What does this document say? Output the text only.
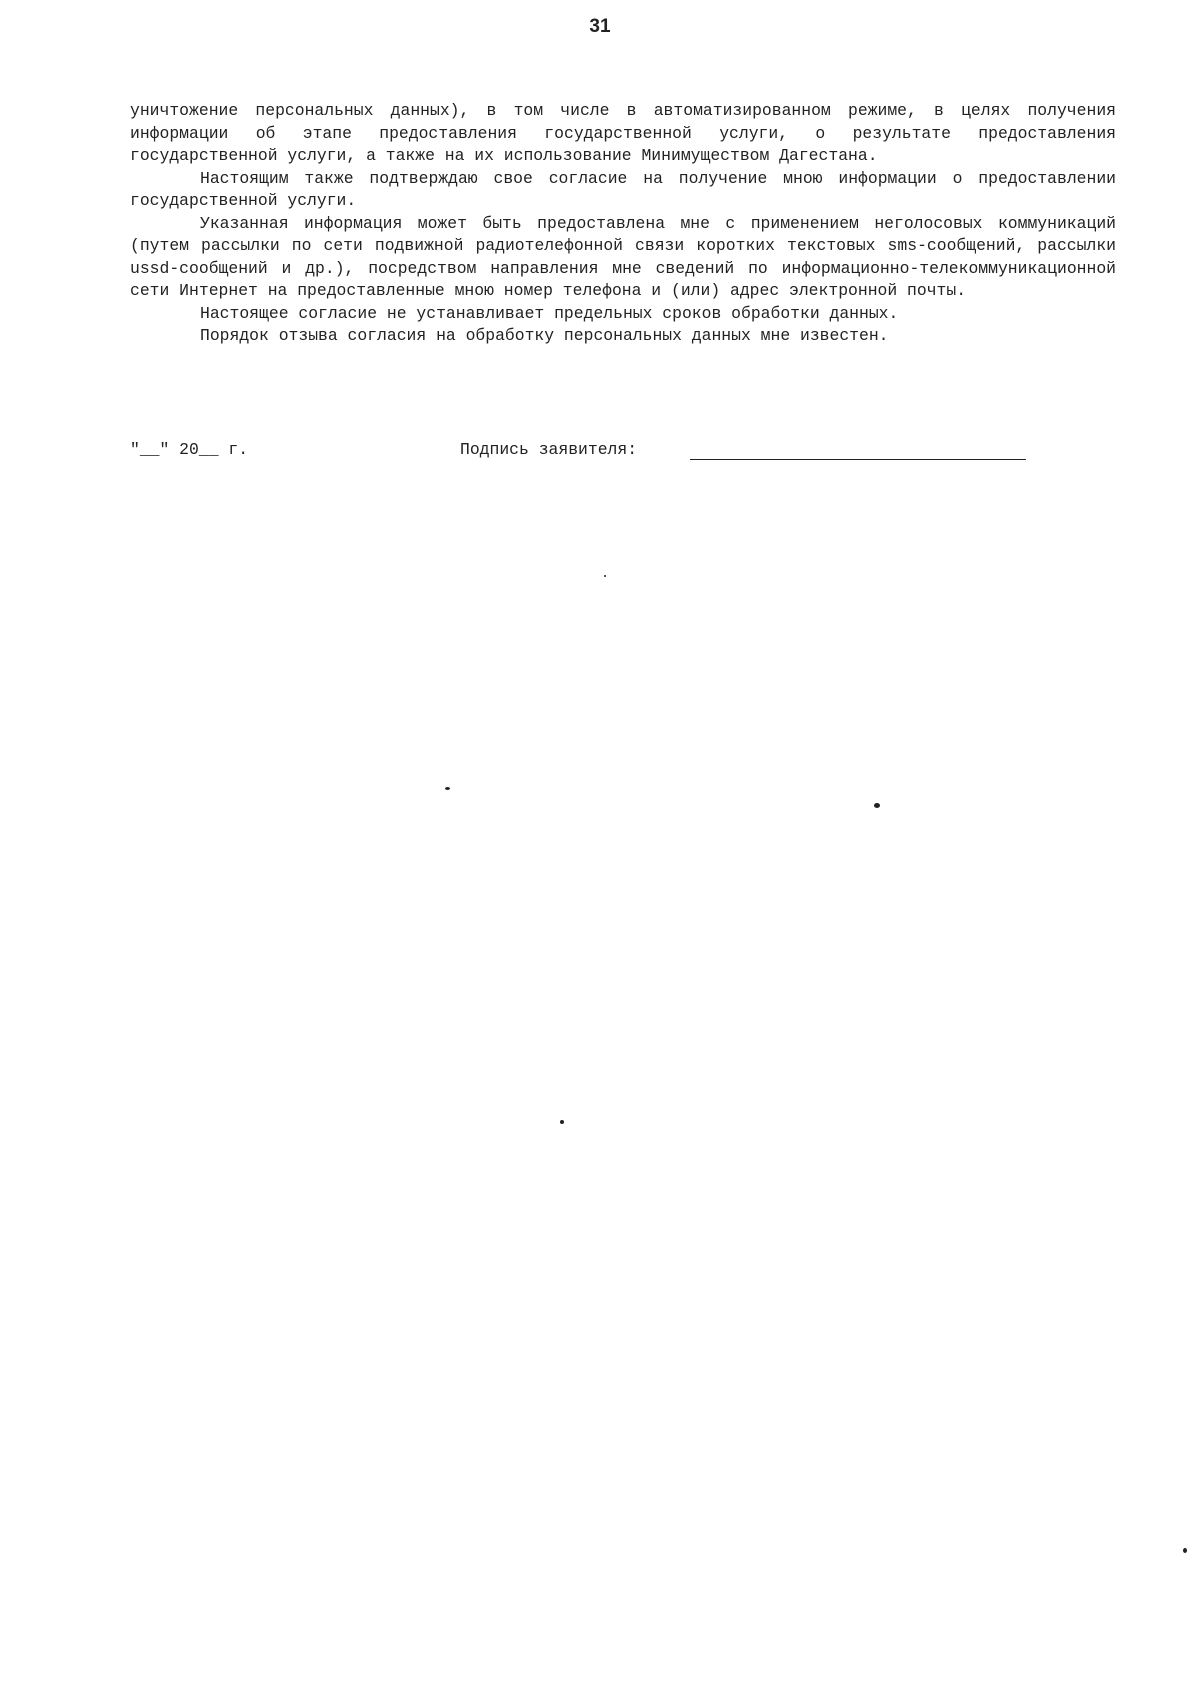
31

уничтожение персональных данных), в том числе в автоматизированном режиме, в целях получения информации об этапе предоставления государственной услуги, о результате предоставления государственной услуги, а также на их использование Минимуществом Дагестана.

Настоящим также подтверждаю свое согласие на получение мною информации о предоставлении государственной услуги.

Указанная информация может быть предоставлена мне с применением неголосовых коммуникаций (путем рассылки по сети подвижной радиотелефонной связи коротких текстовых sms-сообщений, рассылки ussd-сообщений и др.), посредством направления мне сведений по информационно-телекоммуникационной сети Интернет на предоставленные мною номер телефона и (или) адрес электронной почты.

Настоящее согласие не устанавливает предельных сроков обработки данных.

Порядок отзыва согласия на обработку персональных данных мне известен.

"__" 20__ г.

	Подпись заявителя:
